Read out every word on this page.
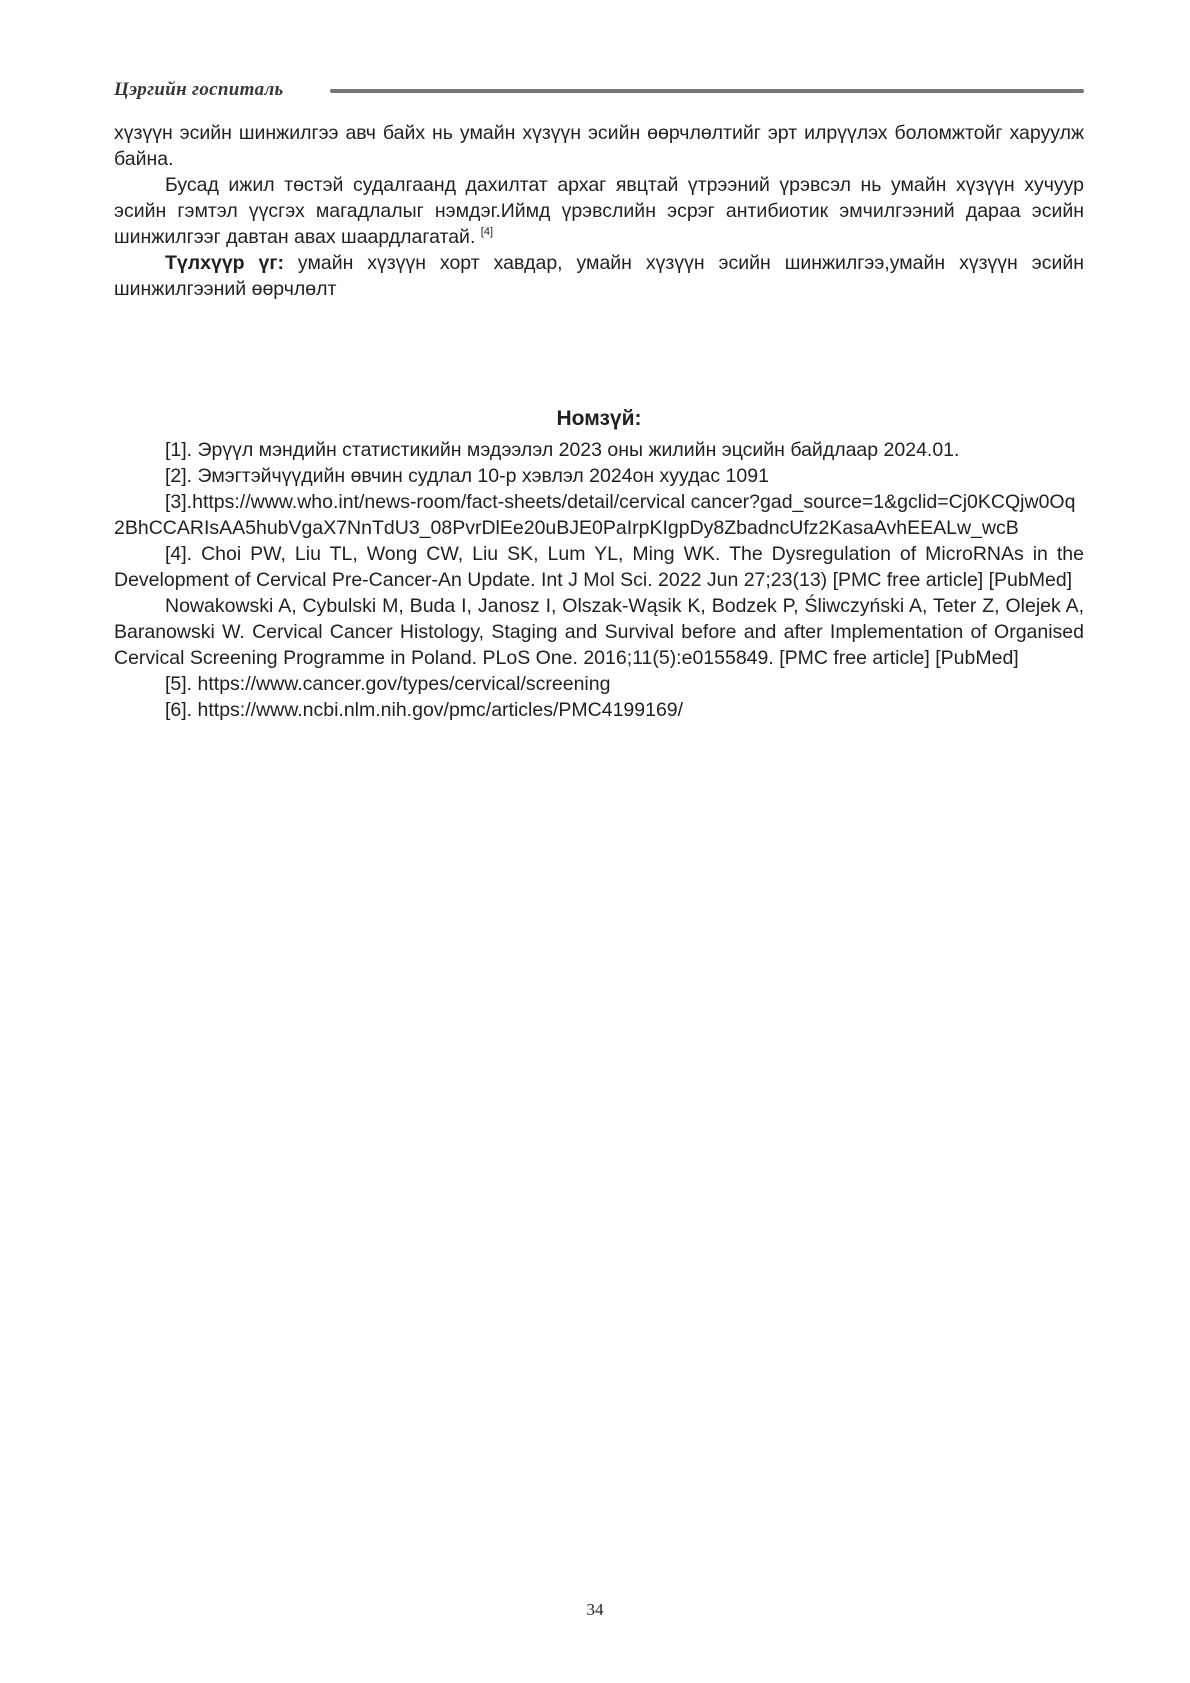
Цэргийн госпиталь

хүзүүн эсийн шинжилгээ авч байх нь умайн хүзүүн эсийн өөрчлөлтийг эрт илрүүлэх боломжтойг харуулж байна.

Бусад ижил төстэй судалгаанд дахилтат архаг явцтай үтрээний үрэвсэл нь умайн хүзүүн хучуур эсийн гэмтэл үүсгэх магадлалыг нэмдэг.Иймд үрэвслийн эсрэг антибиотик эмчилгээний дараа эсийн шинжилгээг давтан авах шаардлагатай. [4]

Түлхүүр үг: умайн хүзүүн хорт хавдар, умайн хүзүүн эсийн шинжилгээ,умайн хүзүүн эсийн шинжилгээний өөрчлөлт

Номзүй:

[1]. Эрүүл мэндийн статистикийн мэдээлэл 2023 оны жилийн эцсийн байдлаар 2024.01.

[2]. Эмэгтэйчүүдийн өвчин судлал 10-р хэвлэл 2024он хуудас 1091

[3].https://www.who.int/news-room/fact-sheets/detail/cervical cancer?gad_source=1&gclid=Cj0KCQjw0Oq2BhCCARIsAA5hubVgaX7NnTdU3_08PvrDlEe20uBJE0PaIrpKIgpDy8ZbadncUfz2KasaAvhEEALw_wcB

[4]. Choi PW, Liu TL, Wong CW, Liu SK, Lum YL, Ming WK. The Dysregulation of MicroRNAs in the Development of Cervical Pre-Cancer-An Update. Int J Mol Sci. 2022 Jun 27;23(13) [PMC free article] [PubMed]

Nowakowski A, Cybulski M, Buda I, Janosz I, Olszak-Wąsik K, Bodzek P, Śliwczyński A, Teter Z, Olejek A, Baranowski W. Cervical Cancer Histology, Staging and Survival before and after Implementation of Organised Cervical Screening Programme in Poland. PLoS One. 2016;11(5):e0155849. [PMC free article] [PubMed]

[5]. https://www.cancer.gov/types/cervical/screening

[6]. https://www.ncbi.nlm.nih.gov/pmc/articles/PMC4199169/

34
